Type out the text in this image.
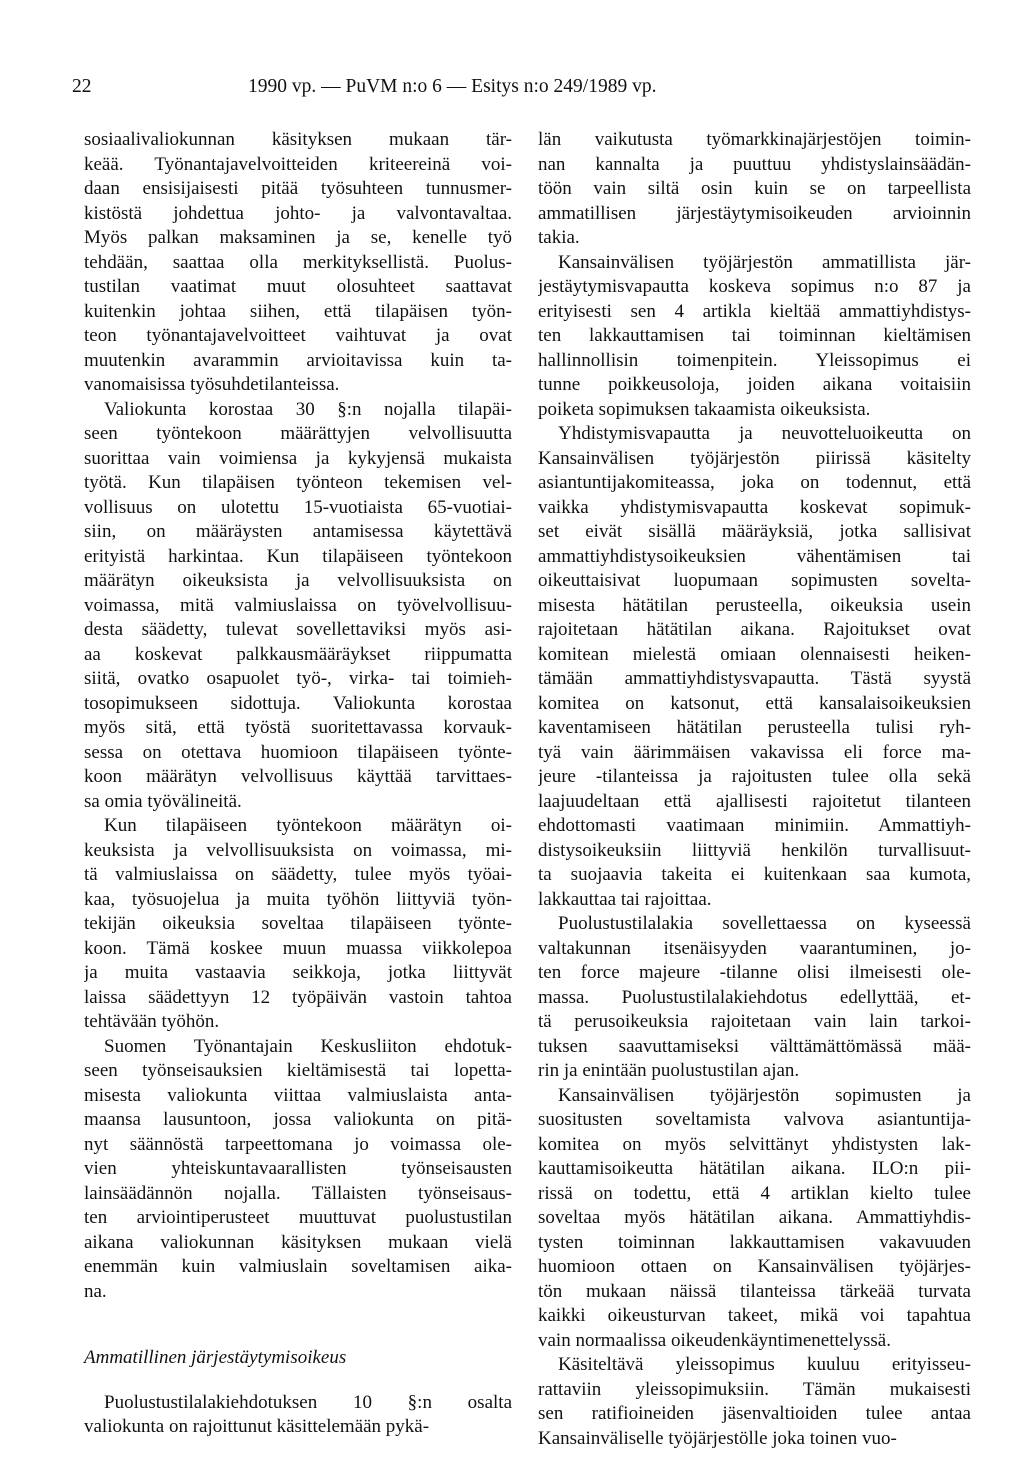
22	1990 vp. — PuVM n:o 6 — Esitys n:o 249/1989 vp.
sosiaalivaliokunnan käsityksen mukaan tär-
keää. Työnantajavelvoitteiden kriteereinä voi-
daan ensisijaisesti pitää työsuhteen tunnusmer-
kistöstä johdettua johto- ja valvontavaltaa.
Myös palkan maksaminen ja se, kenelle työ
tehdään, saattaa olla merkityksellistä. Puolus-
tustilan vaatimat muut olosuhteet saattavat
kuitenkin johtaa siihen, että tilapäisen työn-
teon työnantajavelvoitteet vaihtuvat ja ovat
muutenkin avarammin arvioitavissa kuin ta-
vanomaisissa työsuhdetilanteissa.
Valiokunta korostaa 30 §:n nojalla tilapäi-
seen työntekoon määrättyjen velvollisuutta
suorittaa vain voimiensa ja kykyjensä mukaista
työtä. Kun tilapäisen työnteon tekemisen vel-
vollisuus on ulotettu 15-vuotiaista 65-vuotiai-
siin, on määräysten antamisessa käytettävä
erityistä harkintaa. Kun tilapäiseen työntekoon
määrätyn oikeuksista ja velvollisuuksista on
voimassa, mitä valmiuslaissa on työvelvollisuu-
desta säädetty, tulevat sovellettaviksi myös asi-
aa koskevat palkkausmääräykset riippumatta
siitä, ovatko osapuolet työ-, virka- tai toimieh-
tosopimukseen sidottuja. Valiokunta korostaa
myös sitä, että työstä suoritettavassa korvauk-
sessa on otettava huomioon tilapäiseen työnte-
koon määrätyn velvollisuus käyttää tarvittaes-
sa omia työvälineitä.
Kun tilapäiseen työntekoon määrätyn oi-
keuksista ja velvollisuuksista on voimassa, mi-
tä valmiuslaissa on säädetty, tulee myös työai-
kaa, työsuojelua ja muita työhön liittyviä työn-
tekijän oikeuksia soveltaa tilapäiseen työnte-
koon. Tämä koskee muun muassa viikkolepoa
ja muita vastaavia seikkoja, jotka liittyvät
laissa säädettyyn 12 työpäivän vastoin tahtoa
tehtävään työhön.
Suomen Työnantajain Keskusliiton ehdotuk-
seen työnseisauksien kieltämisestä tai lopetta-
misesta valiokunta viittaa valmiuslaista anta-
maansa lausuntoon, jossa valiokunta on pitä-
nyt säännöstä tarpeettomana jo voimassa ole-
vien yhteiskuntavaarallisten työnseisausten
lainsäädännön nojalla. Tällaisten työnseisaus-
ten arviointiperusteet muuttuvat puolustustilan
aikana valiokunnan käsityksen mukaan vielä
enemmän kuin valmiuslain soveltamisen aika-
na.
Ammatillinen järjestäytymisoikeus
Puolustustilalakiehdotuksen 10 §:n osalta
valiokunta on rajoittunut käsittelemään pykä-
län vaikutusta työmarkkinajärjestöjen toimin-
nan kannalta ja puuttuu yhdistyslainsäädän-
töön vain siltä osin kuin se on tarpeellista
ammatillisen järjestäytymisoikeuden arvioinnin
takia.
Kansainvälisen työjärjestön ammatillista jär-
jestäytymisvapautta koskeva sopimus n:o 87 ja
erityisesti sen 4 artikla kieltää ammattiyhdistys-
ten lakkauttamisen tai toiminnan kieltämisen
hallinnollisin toimenpitein. Yleissopimus ei
tunne poikkeusoloja, joiden aikana voitaisiin
poiketa sopimuksen takaamista oikeuksista.
Yhdistymisvapautta ja neuvotteluoikeutta on
Kansainvälisen työjärjestön piirissä käsitelty
asiantuntijakomiteassa, joka on todennut, että
vaikka yhdistymisvapautta koskevat sopimuk-
set eivät sisällä määräyksiä, jotka sallisivat
ammattiyhdistysoikeuksien vähentämisen tai
oikeuttaisivat luopumaan sopimusten sovelta-
misesta hätätilan perusteella, oikeuksia usein
rajoitetaan hätätilan aikana. Rajoitukset ovat
komitean mielestä omiaan olennaisesti heiken-
tämään ammattiyhdistysvapautta. Tästä syystä
komitea on katsonut, että kansalaisoikeuksien
kaventamiseen hätätilan perusteella tulisi ryh-
tyä vain äärimmäisen vakavissa eli force ma-
jeure -tilanteissa ja rajoitusten tulee olla sekä
laajuudeltaan että ajallisesti rajoitetut tilanteen
ehdottomasti vaatimaan minimiin. Ammattiyh-
distysoikeuksiin liittyviä henkilön turvallisuut-
ta suojaavia takeita ei kuitenkaan saa kumota,
lakkauttaa tai rajoittaa.
Puolustustilalakia sovellettaessa on kyseessä
valtakunnan itsenäisyyden vaarantuminen, jo-
ten force majeure -tilanne olisi ilmeisesti ole-
massa. Puolustustilalakiehdotus edellyttää, et-
tä perusoikeuksia rajoitetaan vain lain tarkoi-
tuksen saavuttamiseksi välttämättömässä mää-
rin ja enintään puolustustilan ajan.
Kansainvälisen työjärjestön sopimusten ja
suositusten soveltamista valvova asiantuntija-
komitea on myös selvittänyt yhdistysten lak-
kauttamisoikeutta hätätilan aikana. ILO:n pii-
rissä on todettu, että 4 artiklan kielto tulee
soveltaa myös hätätilan aikana. Ammattiyhdis-
tysten toiminnan lakkauttamisen vakavuuden
huomioon ottaen on Kansainvälisen työjärjes-
tön mukaan näissä tilanteissa tärkeää turvata
kaikki oikeusturvan takeet, mikä voi tapahtua
vain normaalissa oikeudenkäyntimenettelyssä.
Käsiteltävä yleissopimus kuuluu erityisseu-
rattaviin yleissopimuksiin. Tämän mukaisesti
sen ratifioineiden jäsenvaltioiden tulee antaa
Kansainväliselle työjärjestölle joka toinen vuo-
